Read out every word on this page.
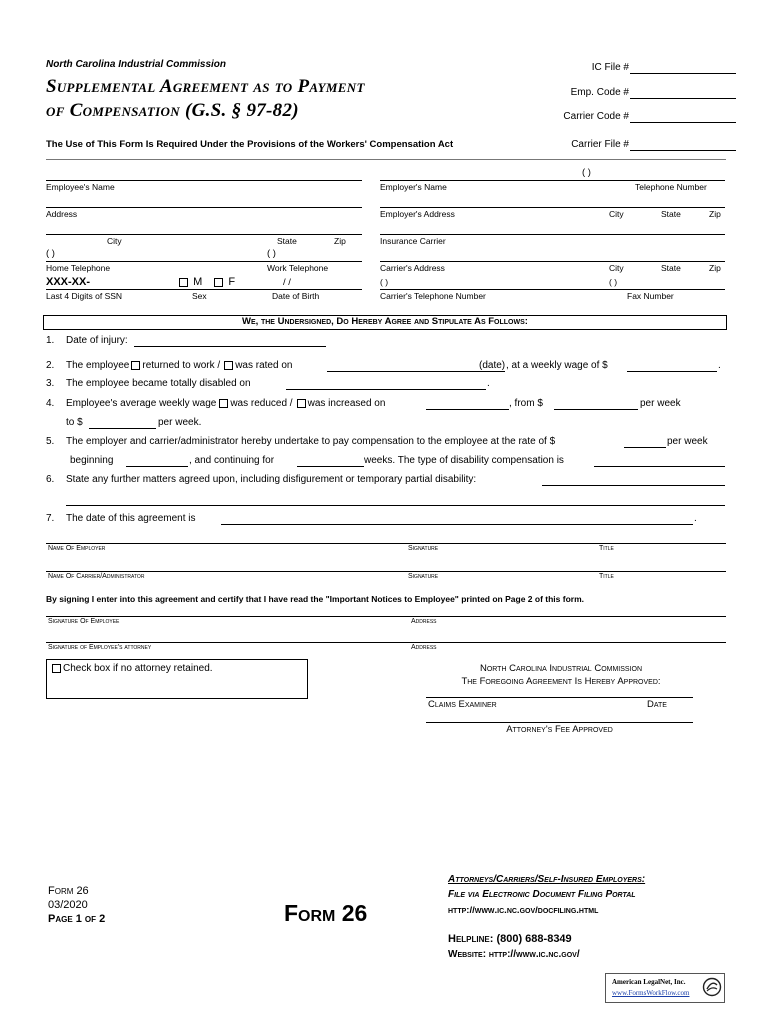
North Carolina Industrial Commission
Supplemental Agreement as to Payment
of Compensation (G.S. § 97-82)
The Use of This Form Is Required Under the Provisions of the Workers' Compensation Act
IC File #
Emp. Code #
Carrier Code #
Carrier File #
( )
Employee's Name	Employer's Name	Telephone Number
Address	Employer's Address	City	State	Zip
City	State	Zip	Insurance Carrier
( )	( )
Home Telephone	Work Telephone	Carrier's Address	City	State	Zip
XXX-XX-	M F	/ /	( )	( )
Last 4 Digits of SSN	Sex	Date of Birth	Carrier's Telephone Number	Fax Number
We, the Undersigned, Do Hereby Agree and Stipulate As Follows:
1. Date of injury:
2. The employee returned to work / was rated on	(date) , at a weekly wage of $	.
3. The employee became totally disabled on	.
4. Employee's average weekly wage was reduced / was increased on	, from $	per week
to $	per week.
5. The employer and carrier/administrator hereby undertake to pay compensation to the employee at the rate of $	per week
beginning	, and continuing for	weeks. The type of disability compensation is
6. State any further matters agreed upon, including disfigurement or temporary partial disability:
7. The date of this agreement is	.
Name Of Employer	Signature	Title
Name Of Carrier/Administrator	Signature	Title
By signing I enter into this agreement and certify that I have read the "Important Notices to Employee" printed on Page 2 of this form.
Signature Of Employee	Address
Signature of Employee's attorney	Address
Check box if no attorney retained.	North Carolina Industrial Commission
The Foregoing Agreement Is Hereby Approved:
Claims Examiner	Date
Attorney's Fee Approved
Form 26
03/2020
Page 1 of 2	Form 26
Attorneys/Carriers/Self-Insured Employers:
File via Electronic Document Filing Portal
http://www.ic.nc.gov/docfiling.html
Helpline: (800) 688-8349
Website: http://www.ic.nc.gov/
American LegalNet, Inc.
www.FormsWorkFlow.com
